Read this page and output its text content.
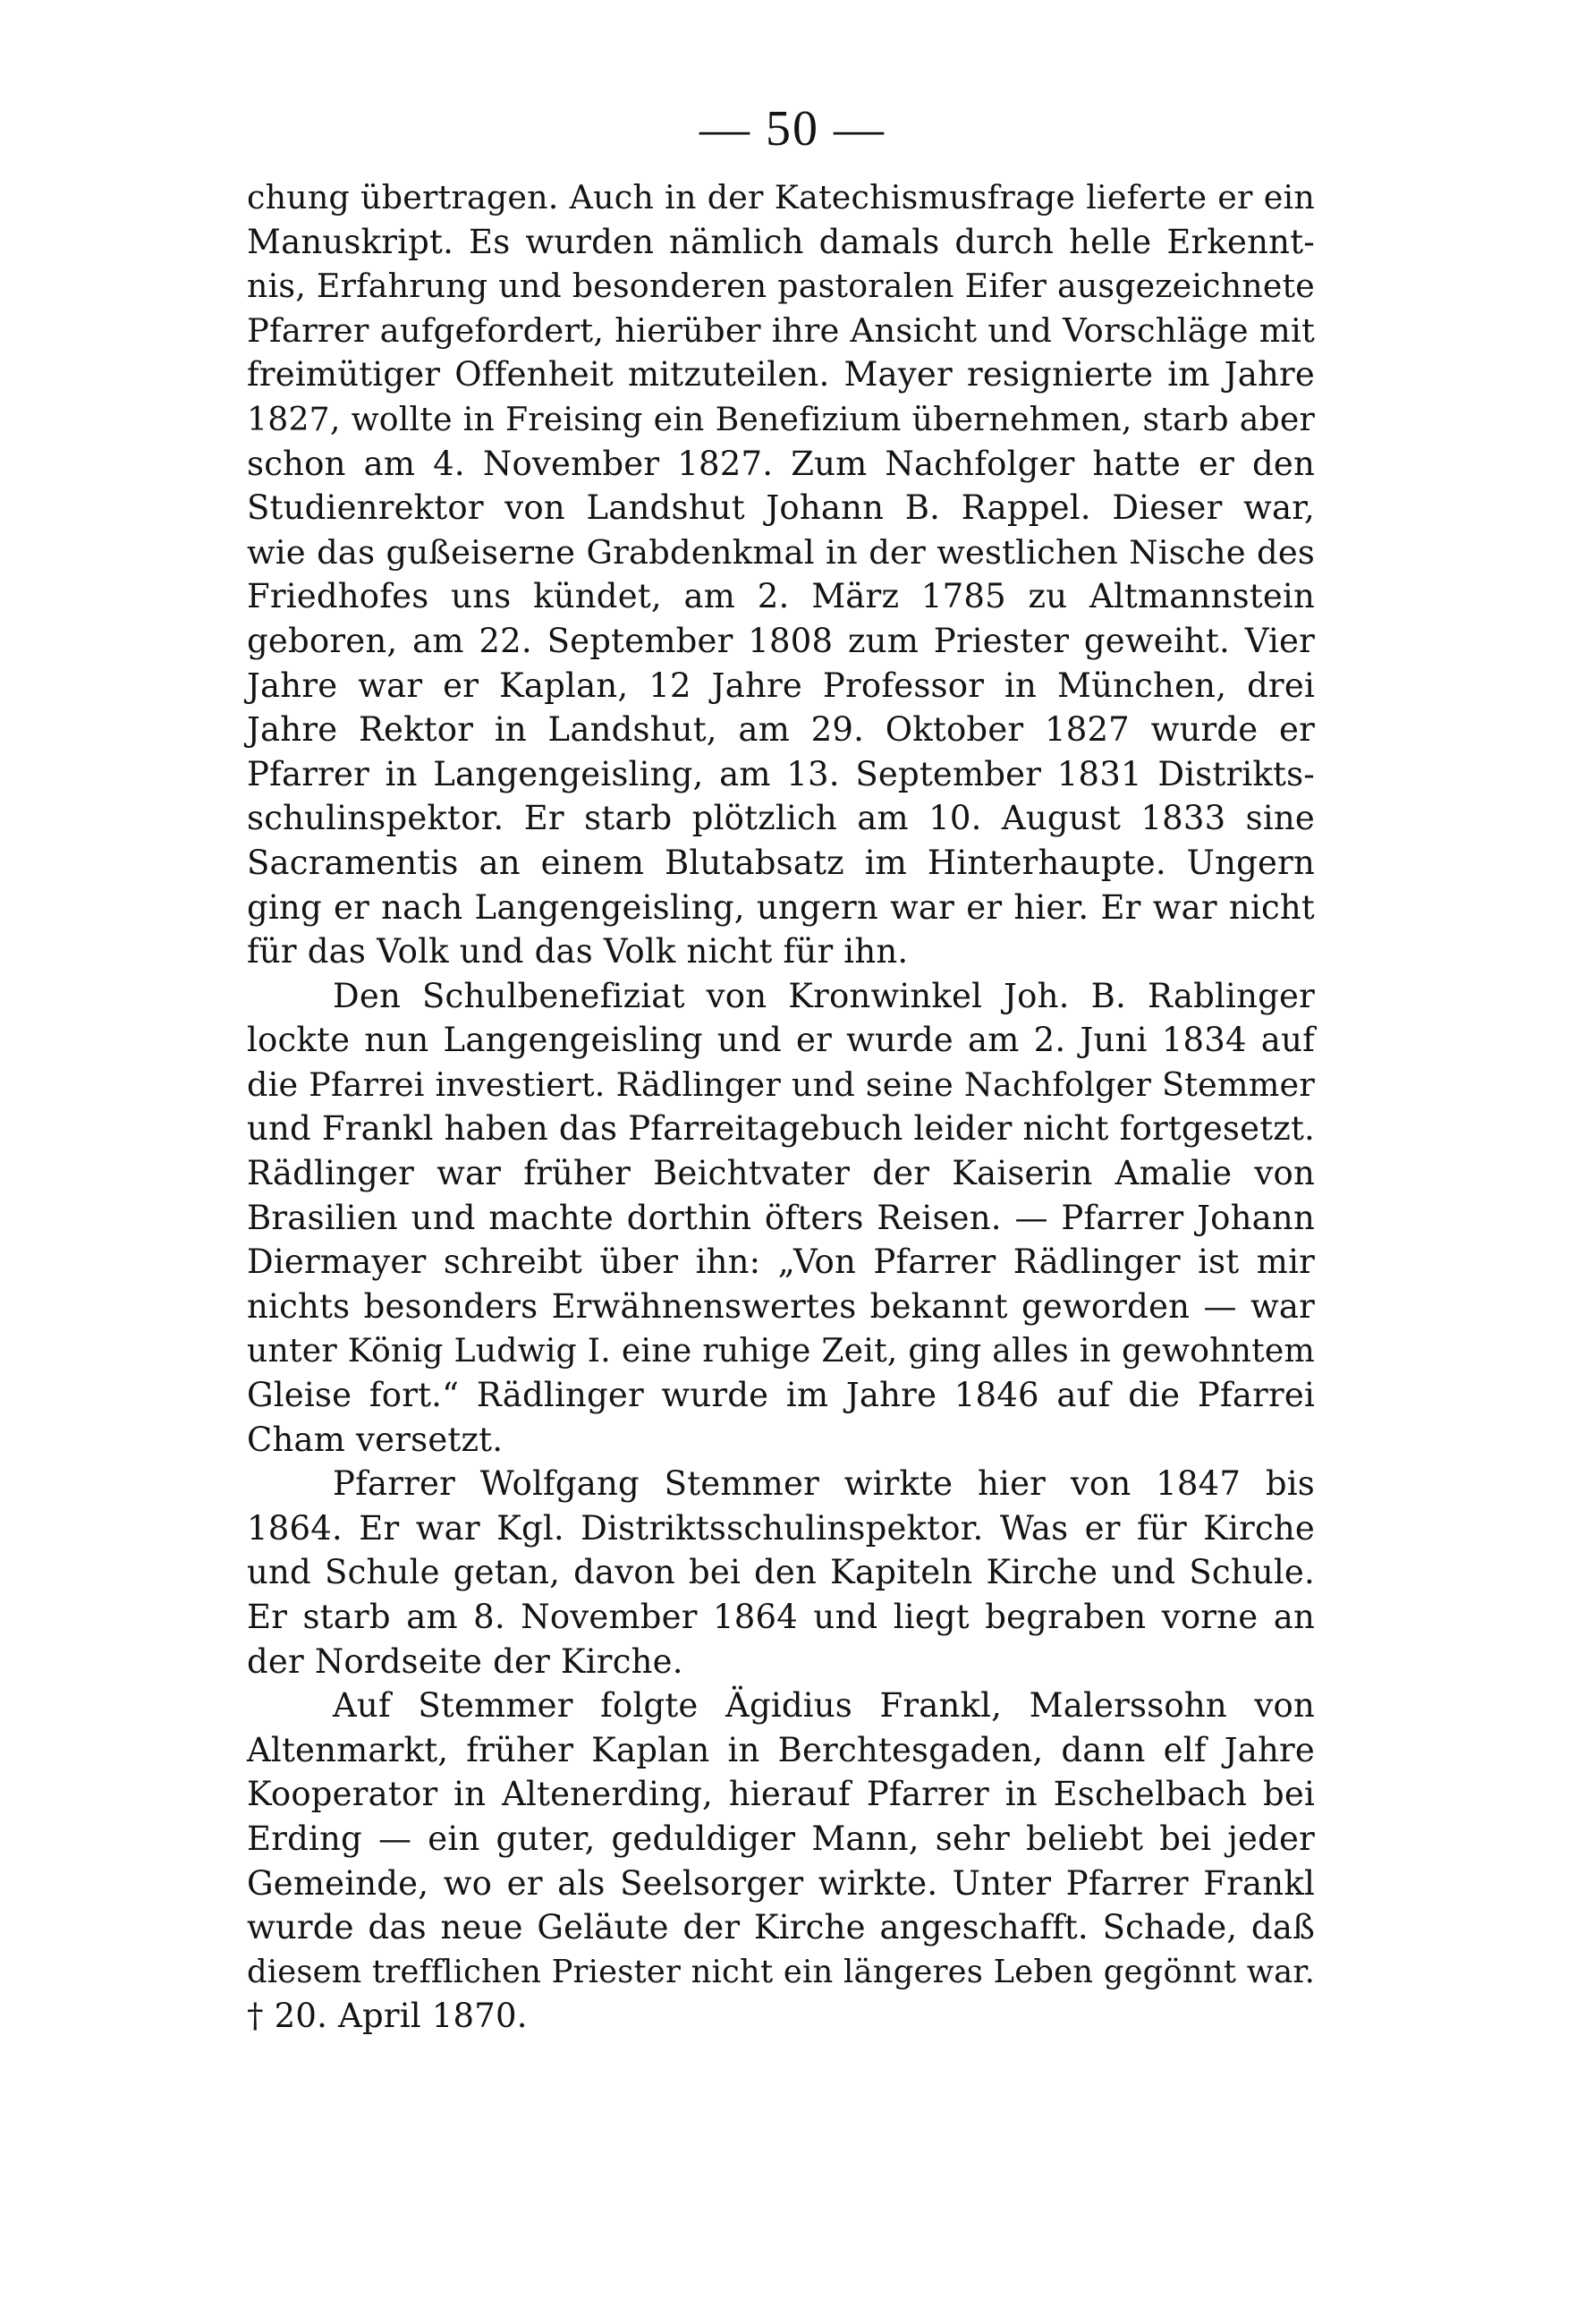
— 50 —
chung übertragen. Auch in der Katechismusfrage lieferte er ein
Manuskript. Es wurden nämlich damals durch helle Erkennt-
nis, Erfahrung und besonderen pastoralen Eifer ausgezeichnete
Pfarrer aufgefordert, hierüber ihre Ansicht und Vorschläge mit
freimütiger Offenheit mitzuteilen. Mayer resignierte im Jahre
1827, wollte in Freising ein Benefizium übernehmen, starb aber
schon am 4. November 1827. Zum Nachfolger hatte er den
Studienrektor von Landshut Johann B. Rappel. Dieser war,
wie das gußeiserne Grabdenkmal in der westlichen Nische des
Friedhofes uns kündet, am 2. März 1785 zu Altmannstein
geboren, am 22. September 1808 zum Priester geweiht. Vier
Jahre war er Kaplan, 12 Jahre Professor in München, drei
Jahre Rektor in Landshut, am 29. Oktober 1827 wurde er
Pfarrer in Langengeisling, am 13. September 1831 Distrikts-
schulinspektor. Er starb plötzlich am 10. August 1833 sine
Sacramentis an einem Blutabsatz im Hinterhaupte. Ungern
ging er nach Langengeisling, ungern war er hier. Er war nicht
für das Volk und das Volk nicht für ihn.
Den Schulbenefiziat von Kronwinkel Joh. B. Rablinger
lockte nun Langengeisling und er wurde am 2. Juni 1834 auf
die Pfarrei investiert. Rädlinger und seine Nachfolger Stemmer
und Frankl haben das Pfarreitagebuch leider nicht fortgesetzt.
Rädlinger war früher Beichtvater der Kaiserin Amalie von
Brasilien und machte dorthin öfters Reisen. — Pfarrer Johann
Diermayer schreibt über ihn: „Von Pfarrer Rädlinger ist mir
nichts besonders Erwähnenswertes bekannt geworden — war
unter König Ludwig I. eine ruhige Zeit, ging alles in gewohntem
Gleise fort.“ Rädlinger wurde im Jahre 1846 auf die Pfarrei
Cham versetzt.
Pfarrer Wolfgang Stemmer wirkte hier von 1847 bis
1864. Er war Kgl. Distriktsschulinspektor. Was er für Kirche
und Schule getan, davon bei den Kapiteln Kirche und Schule.
Er starb am 8. November 1864 und liegt begraben vorne an
der Nordseite der Kirche.
Auf Stemmer folgte Ägidius Frankl, Malerssohn von
Altenmarkt, früher Kaplan in Berchtesgaden, dann elf Jahre
Kooperator in Altenerding, hierauf Pfarrer in Eschelbach bei
Erding — ein guter, geduldiger Mann, sehr beliebt bei jeder
Gemeinde, wo er als Seelsorger wirkte. Unter Pfarrer Frankl
wurde das neue Geläute der Kirche angeschafft. Schade, daß
diesem trefflichen Priester nicht ein längeres Leben gegönnt war.
† 20. April 1870.
